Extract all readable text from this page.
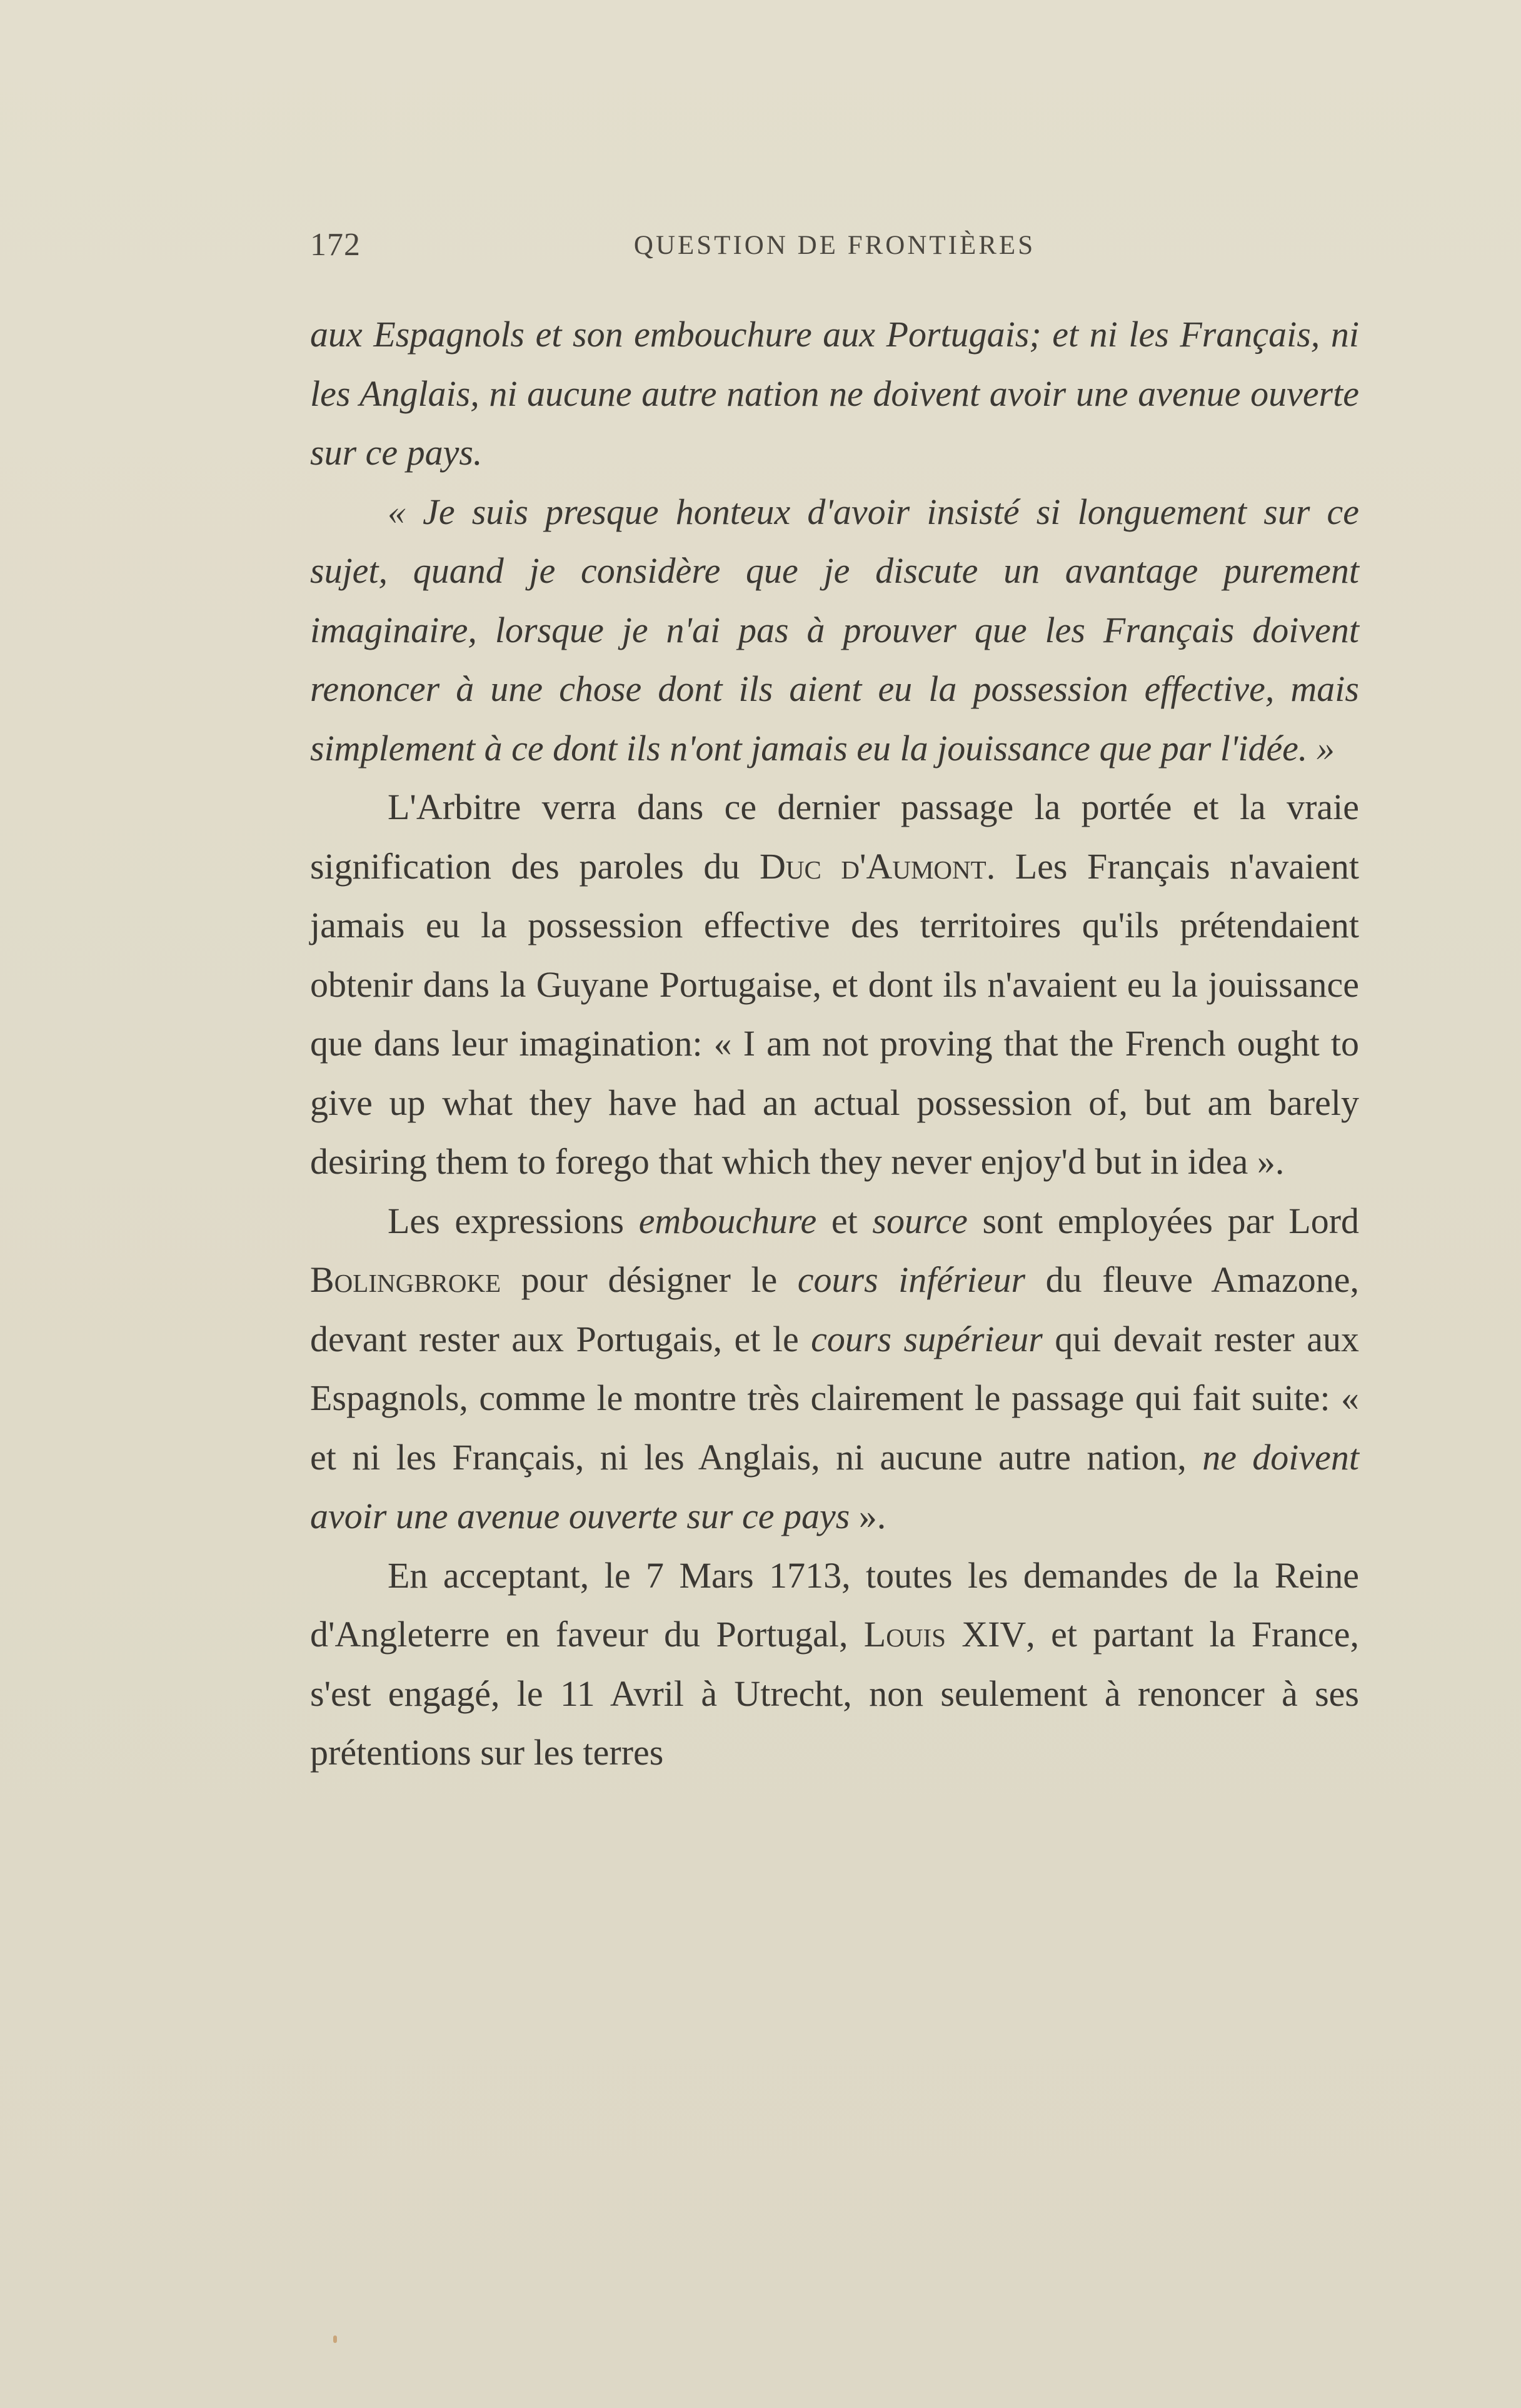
172	QUESTION DE FRONTIÈRES

aux Espagnols et son embouchure aux Portugais; et ni les Français, ni les Anglais, ni aucune autre nation ne doivent avoir une avenue ouverte sur ce pays.

« Je suis presque honteux d'avoir insisté si longuement sur ce sujet, quand je considère que je discute un avantage purement imaginaire, lorsque je n'ai pas à prouver que les Français doivent renoncer à une chose dont ils aient eu la possession effective, mais simplement à ce dont ils n'ont jamais eu la jouissance que par l'idée. »

L'Arbitre verra dans ce dernier passage la portée et la vraie signification des paroles du Duc d'Aumont. Les Français n'avaient jamais eu la possession effective des territoires qu'ils prétendaient obtenir dans la Guyane Portugaise, et dont ils n'avaient eu la jouissance que dans leur imagination: « I am not proving that the French ought to give up what they have had an actual possession of, but am barely desiring them to forego that which they never enjoy'd but in idea ».

Les expressions embouchure et source sont employées par Lord Bolingbroke pour désigner le cours inférieur du fleuve Amazone, devant rester aux Portugais, et le cours supérieur qui devait rester aux Espagnols, comme le montre très clairement le passage qui fait suite: « et ni les Français, ni les Anglais, ni aucune autre nation, ne doivent avoir une avenue ouverte sur ce pays ».

En acceptant, le 7 Mars 1713, toutes les demandes de la Reine d'Angleterre en faveur du Portugal, Louis XIV, et partant la France, s'est engagé, le 11 Avril à Utrecht, non seulement à renoncer à ses prétentions sur les terres
